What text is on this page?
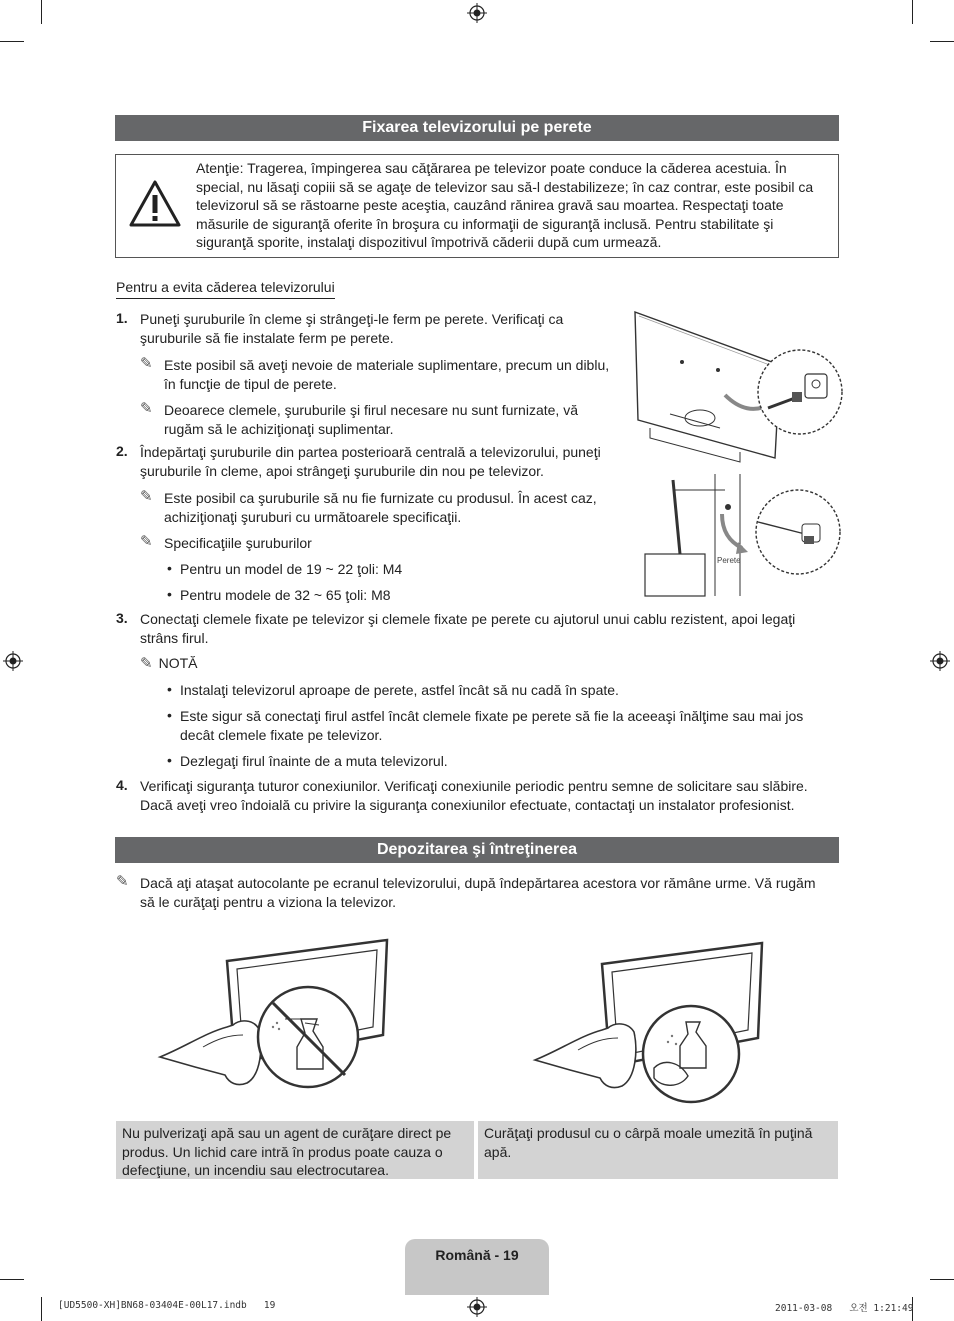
Fixarea televizorului pe perete
Atenţie: Tragerea, împingerea sau căţărarea pe televizor poate conduce la căderea acestuia. În special, nu lăsaţi copiii să se agaţe de televizor sau să-l destabilizeze; în caz contrar, este posibil ca televizorul să se răstoarne peste aceştia, cauzând rănirea gravă sau moartea. Respectaţi toate măsurile de siguranţă oferite în broşura cu informaţii de siguranţă inclusă. Pentru stabilitate şi siguranţă sporite, instalaţi dispozitivul împotrivă căderii după cum urmează.
Pentru a evita căderea televizorului
1. Puneţi şuruburile în cleme şi strângeţi-le ferm pe perete. Verificaţi ca şuruburile să fie instalate ferm pe perete.
✎ Este posibil să aveţi nevoie de materiale suplimentare, precum un diblu, în funcţie de tipul de perete.
✎ Deoarece clemele, şuruburile şi firul necesare nu sunt furnizate, vă rugăm să le achiziţionaţi suplimentar.
2. Îndepărtaţi şuruburile din partea posterioară centrală a televizorului, puneţi şuruburile în cleme, apoi strângeţi şuruburile din nou pe televizor.
✎ Este posibil ca şuruburile să nu fie furnizate cu produsul. În acest caz, achiziţionaţi şuruburi cu următoarele specificaţii.
✎ Specificaţiile şuruburilor
• Pentru un model de 19 ~ 22 ţoli: M4
• Pentru modele de 32 ~ 65 ţoli: M8
3. Conectaţi clemele fixate pe televizor şi clemele fixate pe perete cu ajutorul unui cablu rezistent, apoi legaţi strâns firul.
✎ NOTĂ
• Instalaţi televizorul aproape de perete, astfel încât să nu cadă în spate.
• Este sigur să conectaţi firul astfel încât clemele fixate pe perete să fie la aceeaşi înălţime sau mai jos decât clemele fixate pe televizor.
• Dezlegaţi firul înainte de a muta televizorul.
4. Verificaţi siguranţa tuturor conexiunilor. Verificaţi conexiunile periodic pentru semne de solicitare sau slăbire. Dacă aveţi vreo îndoială cu privire la siguranţa conexiunilor efectuate, contactaţi un instalator profesionist.
Perete
Depozitarea şi întreţinerea
✎ Dacă aţi ataşat autocolante pe ecranul televizorului, după îndepărtarea acestora vor rămâne urme. Vă rugăm să le curăţaţi pentru a viziona la televizor.
Nu pulverizaţi apă sau un agent de curăţare direct pe produs. Un lichid care intră în produs poate cauza o defecţiune, un incendiu sau electrocutarea.
Curăţaţi produsul cu o cârpă moale umezită în puţină apă.
Română - 19
[UD5500-XH]BN68-03404E-00L17.indb   19	2011-03-08   오전 1:21:49
